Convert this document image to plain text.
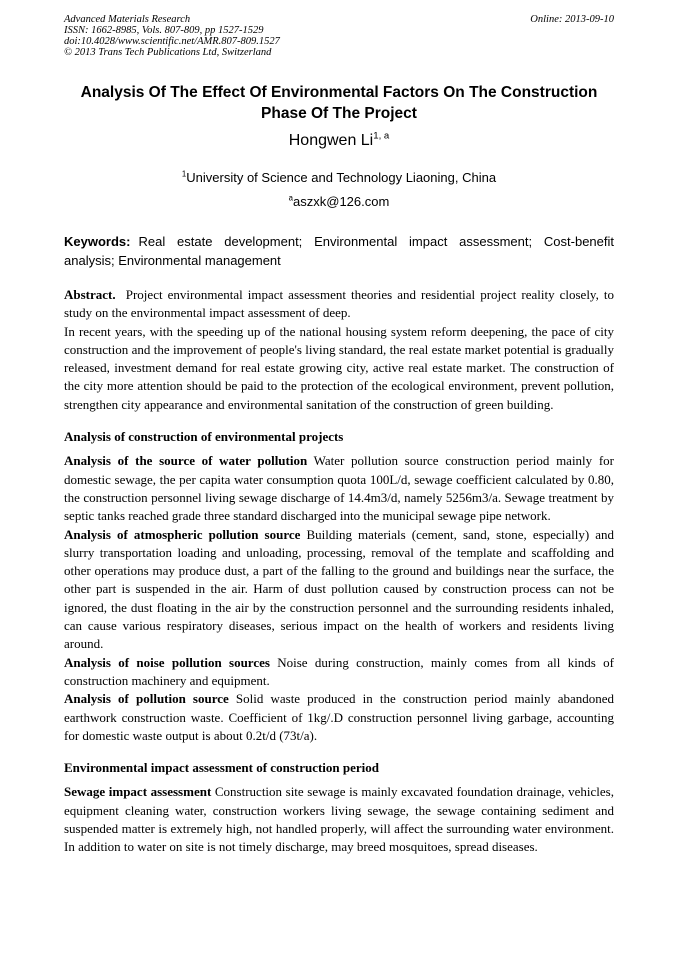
Advanced Materials Research
ISSN: 1662-8985, Vols. 807-809, pp 1527-1529
doi:10.4028/www.scientific.net/AMR.807-809.1527
© 2013 Trans Tech Publications Ltd, Switzerland
Online: 2013-09-10
Analysis Of The Effect Of Environmental Factors On The Construction
Phase Of The Project
Hongwen Li$^{1, a}$
$^1$University of Science and Technology Liaoning, China
$^a$aszxk@126.com
Keywords: Real estate development; Environmental impact assessment; Cost-benefit analysis; Environmental management

Abstract. Project environmental impact assessment theories and residential project reality closely, to study on the environmental impact assessment of deep.

In recent years, with the speeding up of the national housing system reform deepening, the pace of city construction and the improvement of people's living standard, the real estate market potential is gradually released, investment demand for real estate growing city, active real estate market. The construction of the city more attention should be paid to the protection of the ecological environment, prevent pollution, strengthen city appearance and environmental sanitation of the construction of green building.

Analysis of construction of environmental projects

Analysis of the source of water pollution Water pollution source construction period mainly for domestic sewage, the per capita water consumption quota 100L/d, sewage coefficient calculated by 0.80, the construction personnel living sewage discharge of 14.4m3/d, namely 5256m3/a. Sewage treatment by septic tanks reached grade three standard discharged into the municipal sewage pipe network.

Analysis of atmospheric pollution source Building materials (cement, sand, stone, especially) and slurry transportation loading and unloading, processing, removal of the template and scaffolding and other operations may produce dust, a part of the falling to the ground and buildings near the surface, the other part is suspended in the air. Harm of dust pollution caused by construction process can not be ignored, the dust floating in the air by the construction personnel and the surrounding residents inhaled, can cause various respiratory diseases, serious impact on the health of workers and residents living around.

Analysis of noise pollution sources Noise during construction, mainly comes from all kinds of construction machinery and equipment.

Analysis of pollution source Solid waste produced in the construction period mainly abandoned earthwork construction waste. Coefficient of 1kg/.D construction personnel living garbage, accounting for domestic waste output is about 0.2t/d (73t/a).

Environmental impact assessment of construction period

Sewage impact assessment Construction site sewage is mainly excavated foundation drainage, vehicles, equipment cleaning water, construction workers living sewage, the sewage containing sediment and suspended matter is extremely high, not handled properly, will affect the surrounding water environment. In addition to water on site is not timely discharge, may breed mosquitoes, spread diseases.
